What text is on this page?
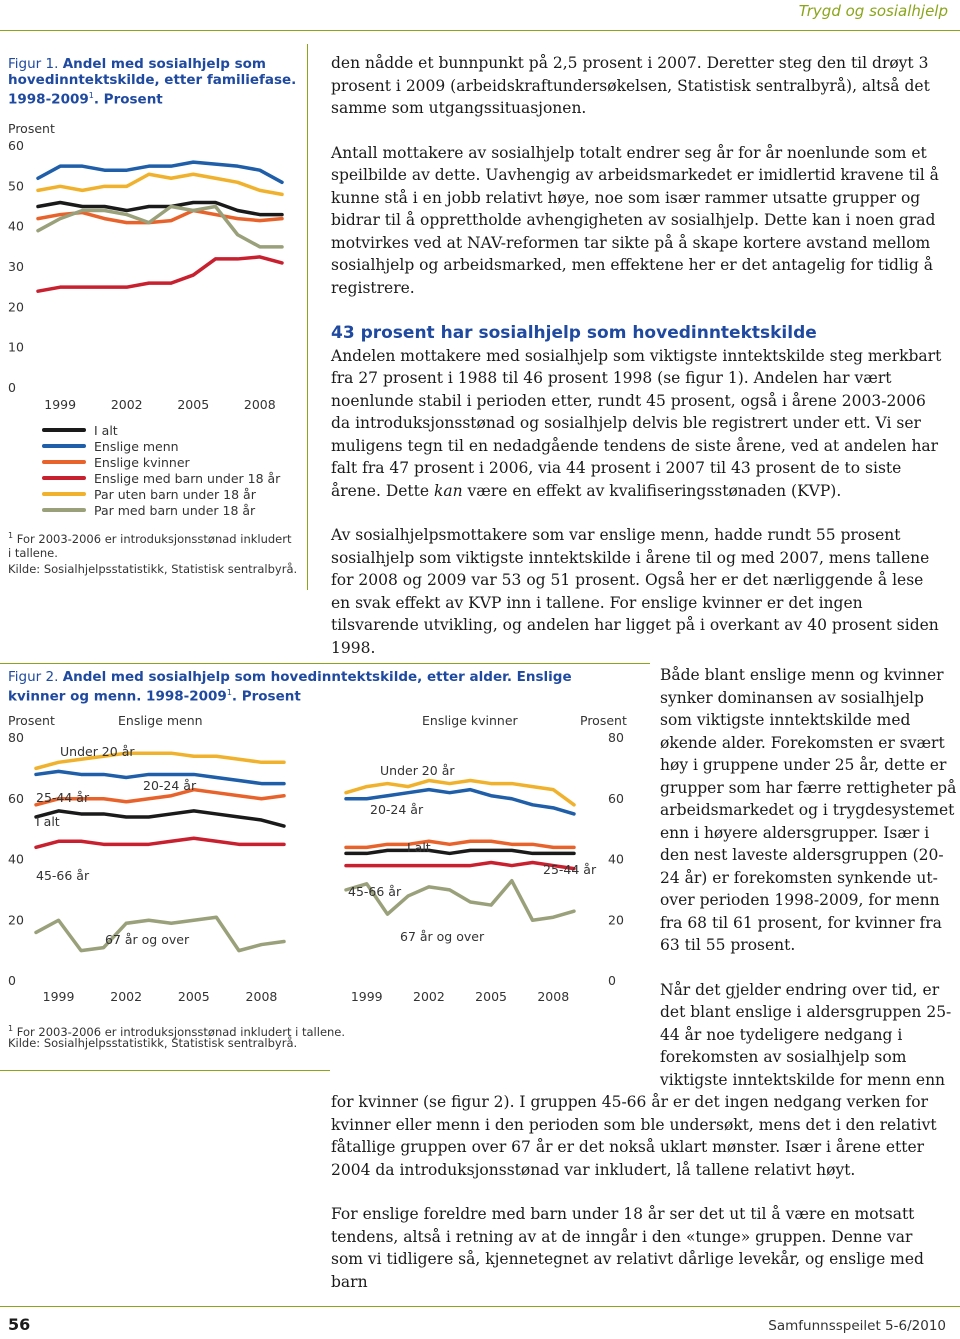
Trygd og sosialhjelp
Figur 1. Andel med sosialhjelp som hovedinntektskilde, etter familiefase. 1998-2009$^1$. Prosent
Prosent
0
10
20
30
40
50
60
1999	2002	2005	2008
I alt
Enslige menn
Enslige kvinner
Enslige med barn under 18 år
Par uten barn under 18 år
Par med barn under 18 år
$^1$ For 2003-2006 er introduksjonsstønad inkludert i tallene.
Kilde: Sosialhjelpsstatistikk, Statistisk sentralbyrå.

den nådde et bunnpunkt på 2,5 prosent i 2007. Deretter steg den til drøyt 3 prosent i 2009 (arbeidskraftundersøkelsen, Statistisk sentralbyrå), altså det samme som utgangssituasjonen.

Antall mottakere av sosialhjelp totalt endrer seg år for år noenlunde som et speilbilde av dette. Uavhengig av arbeidsmarkedet er imidlertid kravene til å kunne stå i en jobb relativt høye, noe som især rammer utsatte grupper og bidrar til å opprettholde avhengigheten av sosialhjelp. Dette kan i noen grad motvirkes ved at NAV-reformen tar sikte på å skape kortere avstand mellom sosialhjelp og arbeidsmarked, men effektene her er det antagelig for tidlig å registrere.

43 prosent har sosialhjelp som hovedinntektskilde

Andelen mottakere med sosialhjelp som viktigste inntektskilde steg merkbart fra 27 prosent i 1988 til 46 prosent 1998 (se figur 1). Andelen har vært noenlunde stabil i perioden etter, rundt 45 prosent, også i årene 2003-2006 da introduksjonsstønad og sosialhjelp delvis ble registrert under ett. Vi ser muligens tegn til en nedadgående tendens de siste årene, ved at andelen har falt fra 47 prosent i 2006, via 44 prosent i 2007 til 43 prosent de to siste årene. Dette kan være en effekt av kvalifiseringsstønaden (KVP).

Av sosialhjelpsmottakere som var enslige menn, hadde rundt 55 prosent sosialhjelp som viktigste inntektskilde i årene til og med 2007, mens tallene for 2008 og 2009 var 53 og 51 prosent. Også her er det nærliggende å lese en svak effekt av KVP inn i tallene. For enslige kvinner er det ingen tilsvarende utvikling, og andelen har ligget på i overkant av 40 prosent siden 1998.

Figur 2. Andel med sosialhjelp som hovedinntektskilde, etter alder. Enslige kvinner og menn. 1998-2009$^1$. Prosent
Prosent	Enslige menn	Enslige kvinner	Prosent
0	0
20	20
40	40
60	60
80	80
1999	2002	2005	2008	1999 2002 2005 2008
Under 20 år
20-24 år
25-44 år
I alt
45-66 år
67 år og over
Under 20 år
20-24 år
25-44 år
I alt
45-66 år
67 år og over
$^1$ For 2003-2006 er introduksjonsstønad inkludert i tallene.
Kilde: Sosialhjelpsstatistikk, Statistisk sentralbyrå.

Både blant enslige menn og kvinner synker dominansen av sosialhjelp som viktigste inntektskilde med økende alder. Forekomsten er svært høy i gruppene under 25 år, dette er grupper som har færre rettigheter på arbeidsmarkedet og i trygdesystemet enn i høyere aldersgrupper. Især i den nest laveste aldersgruppen (20-24 år) er forekomsten synkende utover perioden 1998-2009, for menn fra 68 til 61 prosent, for kvinner fra 63 til 55 prosent.

Når det gjelder endring over tid, er det blant enslige i aldersgruppen 25-44 år noe tydeligere nedgang i forekomsten av sosialhjelp som viktigste inntektskilde for menn enn

for kvinner (se figur 2). I gruppen 45-66 år er det ingen nedgang verken for kvinner eller menn i den perioden som ble undersøkt, mens det i den relativt fåtallige gruppen over 67 år er det nokså uklart mønster. Især i årene etter 2004 da introduksjonsstønad var inkludert, lå tallene relativt høyt.

For enslige foreldre med barn under 18 år ser det ut til å være en motsatt tendens, altså i retning av at de inngår i den «tunge» gruppen. Denne var som vi tidligere så, kjennetegnet av relativt dårlige levekår, og enslige med barn

56	Samfunnsspeilet 5-6/2010
